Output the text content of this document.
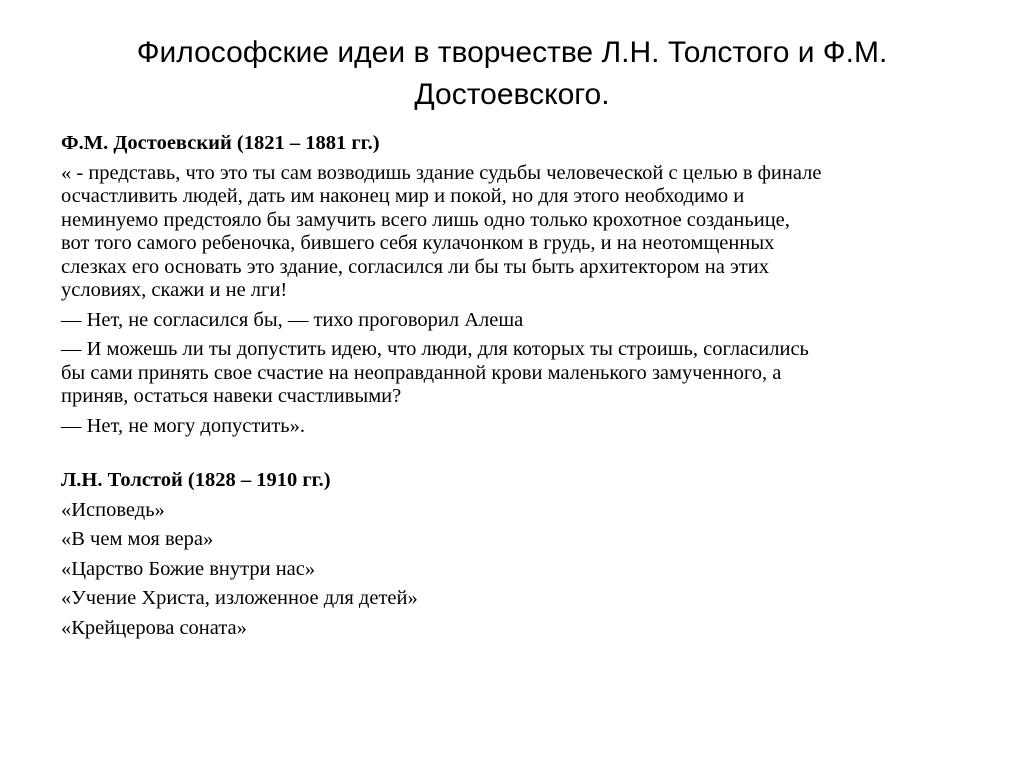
Философские идеи в творчестве Л.Н. Толстого и Ф.М.
Достоевского.
Ф.М. Достоевский (1821 – 1881 гг.)
« - представь, что это ты сам возводишь здание судьбы человеческой с целью в финале
осчастливить людей, дать им наконец мир и покой, но для этого необходимо и
неминуемо предстояло бы замучить всего лишь одно только крохотное созданьице,
вот того самого ребеночка, бившего себя кулачонком в грудь, и на неотомщенных
слезках его основать это здание, согласился ли бы ты быть архитектором на этих
условиях, скажи и не лги!
— Нет, не согласился бы, — тихо проговорил Алеша
— И можешь ли ты допустить идею, что люди, для которых ты строишь, согласились
бы сами принять свое счастие на неоправданной крови маленького замученного, а
приняв, остаться навеки счастливыми?
— Нет, не могу допустить».
Л.Н. Толстой (1828 – 1910 гг.)
«Исповедь»
«В чем моя вера»
«Царство Божие внутри нас»
«Учение Христа, изложенное для детей»
«Крейцерова соната»
